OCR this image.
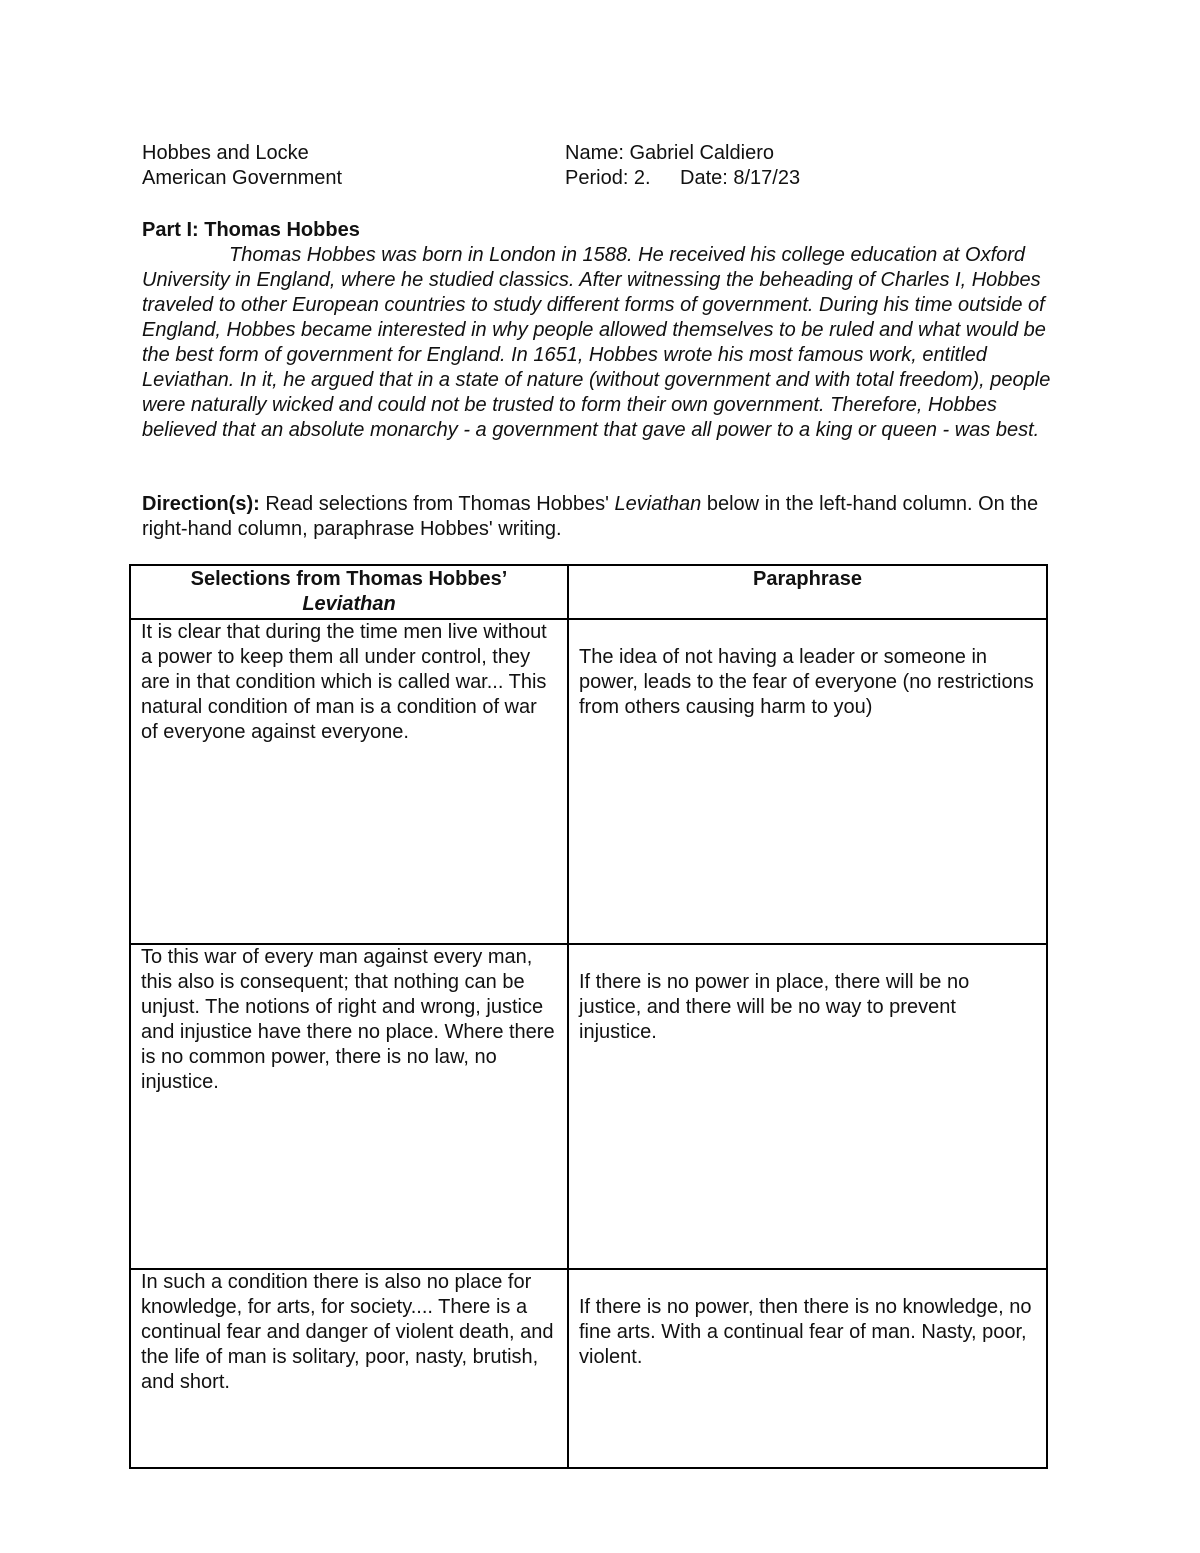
Hobbes and Locke
American Government
Name: Gabriel Caldiero
Period: 2. Date: 8/17/23
Part I: Thomas Hobbes
Thomas Hobbes was born in London in 1588. He received his college education at Oxford University in England, where he studied classics. After witnessing the beheading of Charles I, Hobbes traveled to other European countries to study different forms of government. During his time outside of England, Hobbes became interested in why people allowed themselves to be ruled and what would be the best form of government for England. In 1651, Hobbes wrote his most famous work, entitled Leviathan. In it, he argued that in a state of nature (without government and with total freedom), people were naturally wicked and could not be trusted to form their own government. Therefore, Hobbes believed that an absolute monarchy - a government that gave all power to a king or queen - was best.
Direction(s): Read selections from Thomas Hobbes' Leviathan below in the left-hand column. On the right-hand column, paraphrase Hobbes' writing.
Selections from Thomas Hobbes’
Leviathan	Paraphrase
It is clear that during the time men live without a power to keep them all under control, they are in that condition which is called war... This natural condition of man is a condition of war of everyone against everyone.	The idea of not having a leader or someone in power, leads to the fear of everyone (no restrictions from others causing harm to you)
To this war of every man against every man, this also is consequent; that nothing can be unjust. The notions of right and wrong, justice and injustice have there no place. Where there is no common power, there is no law, no injustice.	If there is no power in place, there will be no justice, and there will be no way to prevent injustice.
In such a condition there is also no place for knowledge, for arts, for society.... There is a continual fear and danger of violent death, and the life of man is solitary, poor, nasty, brutish, and short.	If there is no power, then there is no knowledge, no fine arts. With a continual fear of man. Nasty, poor, violent.
